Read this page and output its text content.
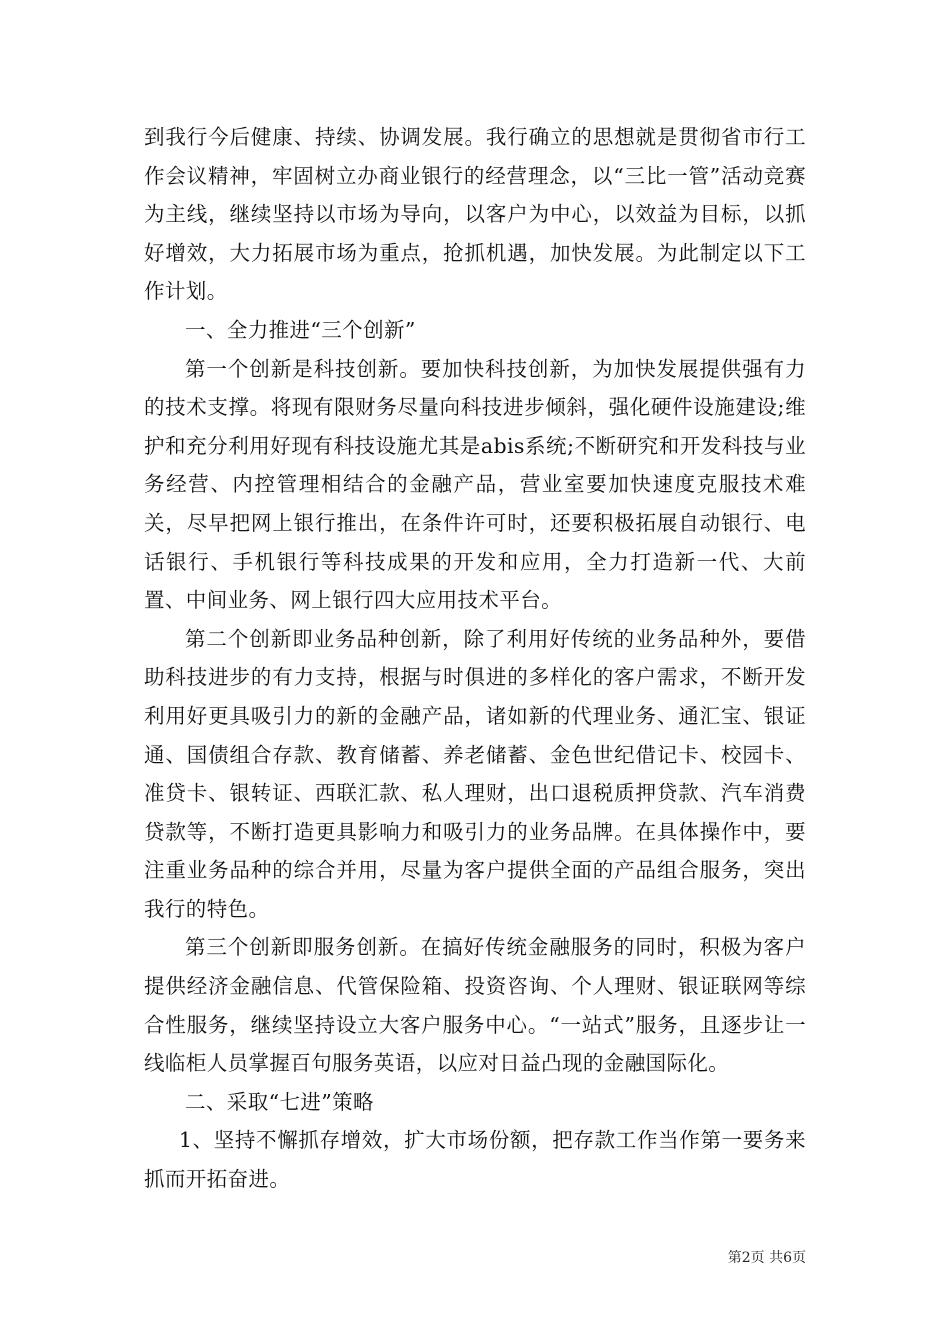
到我行今后健康、持续、协调发展。我行确立的思想就是贯彻省市行工作会议精神，牢固树立办商业银行的经营理念，以“三比一管”活动竞赛为主线，继续坚持以市场为导向，以客户为中心，以效益为目标，以抓好增效，大力拓展市场为重点，抢抓机遇，加快发展。为此制定以下工作计划。

一、全力推进“三个创新”

第一个创新是科技创新。要加快科技创新，为加快发展提供强有力的技术支撑。将现有限财务尽量向科技进步倾斜，强化硬件设施建设;维护和充分利用好现有科技设施尤其是abis系统;不断研究和开发科技与业务经营、内控管理相结合的金融产品，营业室要加快速度克服技术难关，尽早把网上银行推出，在条件许可时，还要积极拓展自动银行、电话银行、手机银行等科技成果的开发和应用，全力打造新一代、大前置、中间业务、网上银行四大应用技术平台。

第二个创新即业务品种创新，除了利用好传统的业务品种外，要借助科技进步的有力支持，根据与时俱进的多样化的客户需求，不断开发利用好更具吸引力的新的金融产品，诸如新的代理业务、通汇宝、银证通、国债组合存款、教育储蓄、养老储蓄、金色世纪借记卡、校园卡、准贷卡、银转证、西联汇款、私人理财，出口退税质押贷款、汽车消费贷款等，不断打造更具影响力和吸引力的业务品牌。在具体操作中，要注重业务品种的综合并用，尽量为客户提供全面的产品组合服务，突出我行的特色。

第三个创新即服务创新。在搞好传统金融服务的同时，积极为客户提供经济金融信息、代管保险箱、投资咨询、个人理财、银证联网等综合性服务，继续坚持设立大客户服务中心。“一站式”服务，且逐步让一线临柜人员掌握百句服务英语，以应对日益凸现的金融国际化。

二、采取“七进”策略

1、坚持不懈抓存增效，扩大市场份额，把存款工作当作第一要务来抓而开拓奋进。

第2页 共6页
